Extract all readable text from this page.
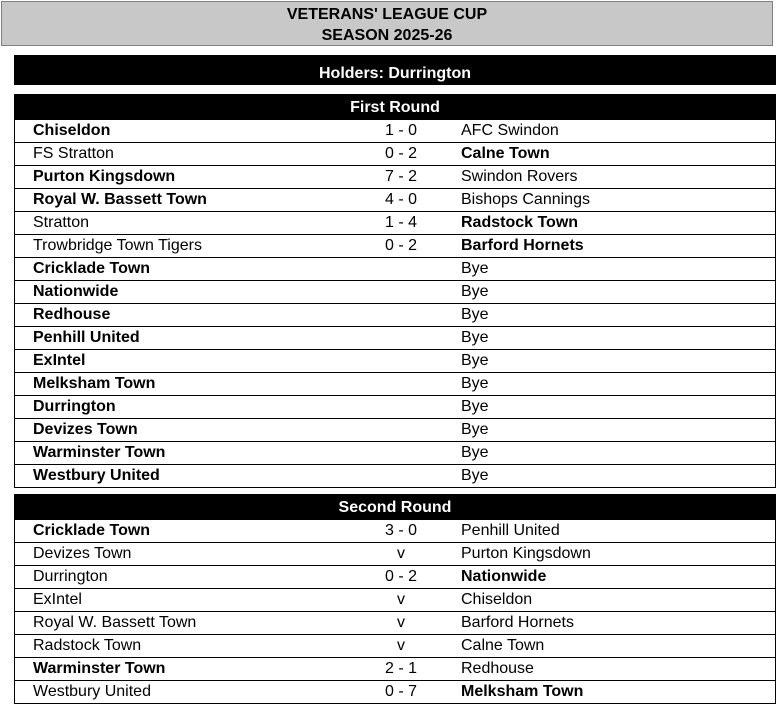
VETERANS' LEAGUE CUP
SEASON 2025-26
Holders: Durrington
First Round
Chiseldon	1 - 0	AFC Swindon
FS Stratton	0 - 2	Calne Town
Purton Kingsdown	7 - 2	Swindon Rovers
Royal W. Bassett Town	4 - 0	Bishops Cannings
Stratton	1 - 4	Radstock Town
Trowbridge Town Tigers	0 - 2	Barford Hornets
Cricklade Town	Bye
Nationwide	Bye
Redhouse	Bye
Penhill United	Bye
ExIntel	Bye
Melksham Town	Bye
Durrington	Bye
Devizes Town	Bye
Warminster Town	Bye
Westbury United	Bye
Second Round
Cricklade Town	3 - 0	Penhill United
Devizes Town	v	Purton Kingsdown
Durrington	0 - 2	Nationwide
ExIntel	v	Chiseldon
Royal W. Bassett Town	v	Barford Hornets
Radstock Town	v	Calne Town
Warminster Town	2 - 1	Redhouse
Westbury United	0 - 7	Melksham Town
